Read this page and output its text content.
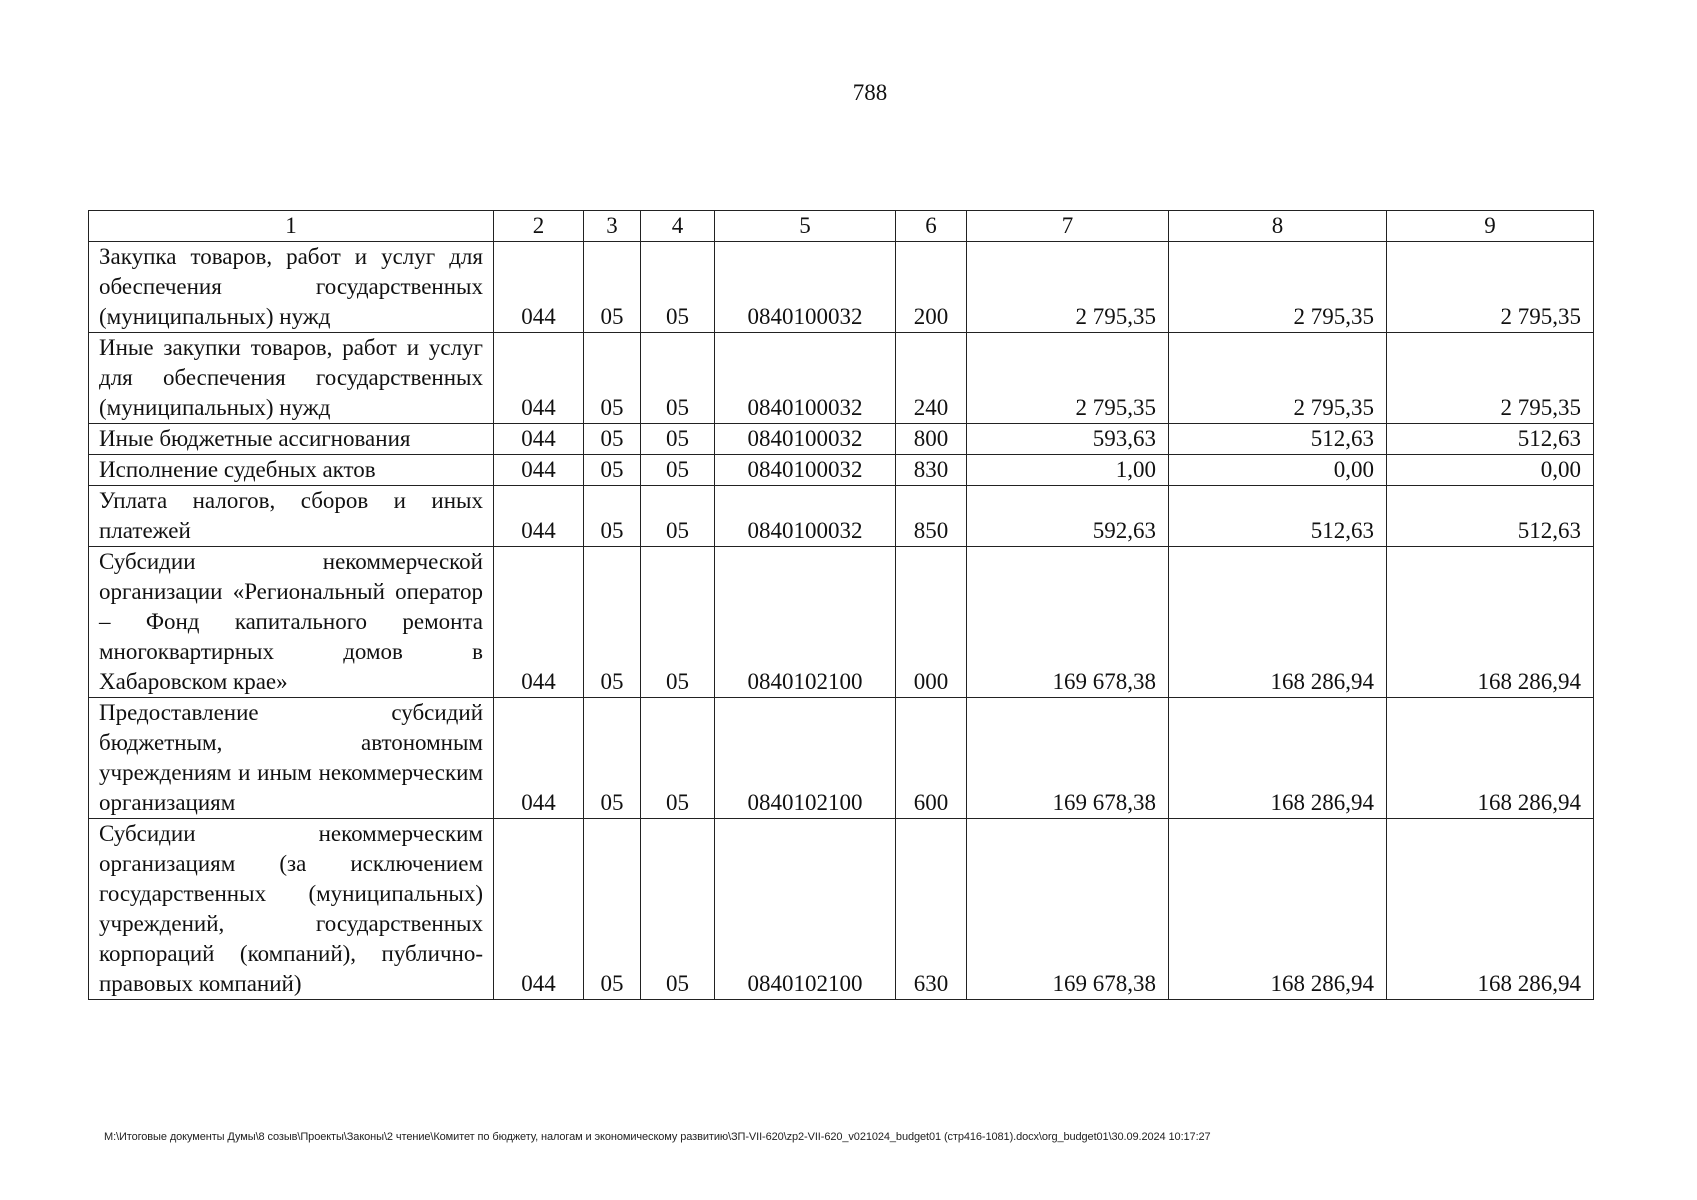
788
1	2	3	4	5	6	7	8	9
Закупка товаров, работ и услуг для обеспечения государственных (муниципальных) нужд	044	05	05	0840100032	200	2 795,35	2 795,35	2 795,35
Иные закупки товаров, работ и услуг для обеспечения государственных (муниципальных) нужд	044	05	05	0840100032	240	2 795,35	2 795,35	2 795,35
Иные бюджетные ассигнования	044	05	05	0840100032	800	593,63	512,63	512,63
Исполнение судебных актов	044	05	05	0840100032	830	1,00	0,00	0,00
Уплата налогов, сборов и иных платежей	044	05	05	0840100032	850	592,63	512,63	512,63
Субсидии некоммерческой организации «Региональный оператор – Фонд капитального ремонта многоквартирных домов в Хабаровском крае»	044	05	05	0840102100	000	169 678,38	168 286,94	168 286,94
Предоставление субсидий бюджетным, автономным учреждениям и иным некоммерческим организациям	044	05	05	0840102100	600	169 678,38	168 286,94	168 286,94
Субсидии некоммерческим организациям (за исключением государственных (муниципальных) учреждений, государственных корпораций (компаний), публично-правовых компаний)	044	05	05	0840102100	630	169 678,38	168 286,94	168 286,94
M:\Итоговые документы Думы\8 созыв\Проекты\Законы\2 чтение\Комитет по бюджету, налогам и экономическому развитию\ЗП-VII-620\zp2-VII-620_v021024_budget01 (стр416-1081).docx\org_budget01\30.09.2024 10:17:27
